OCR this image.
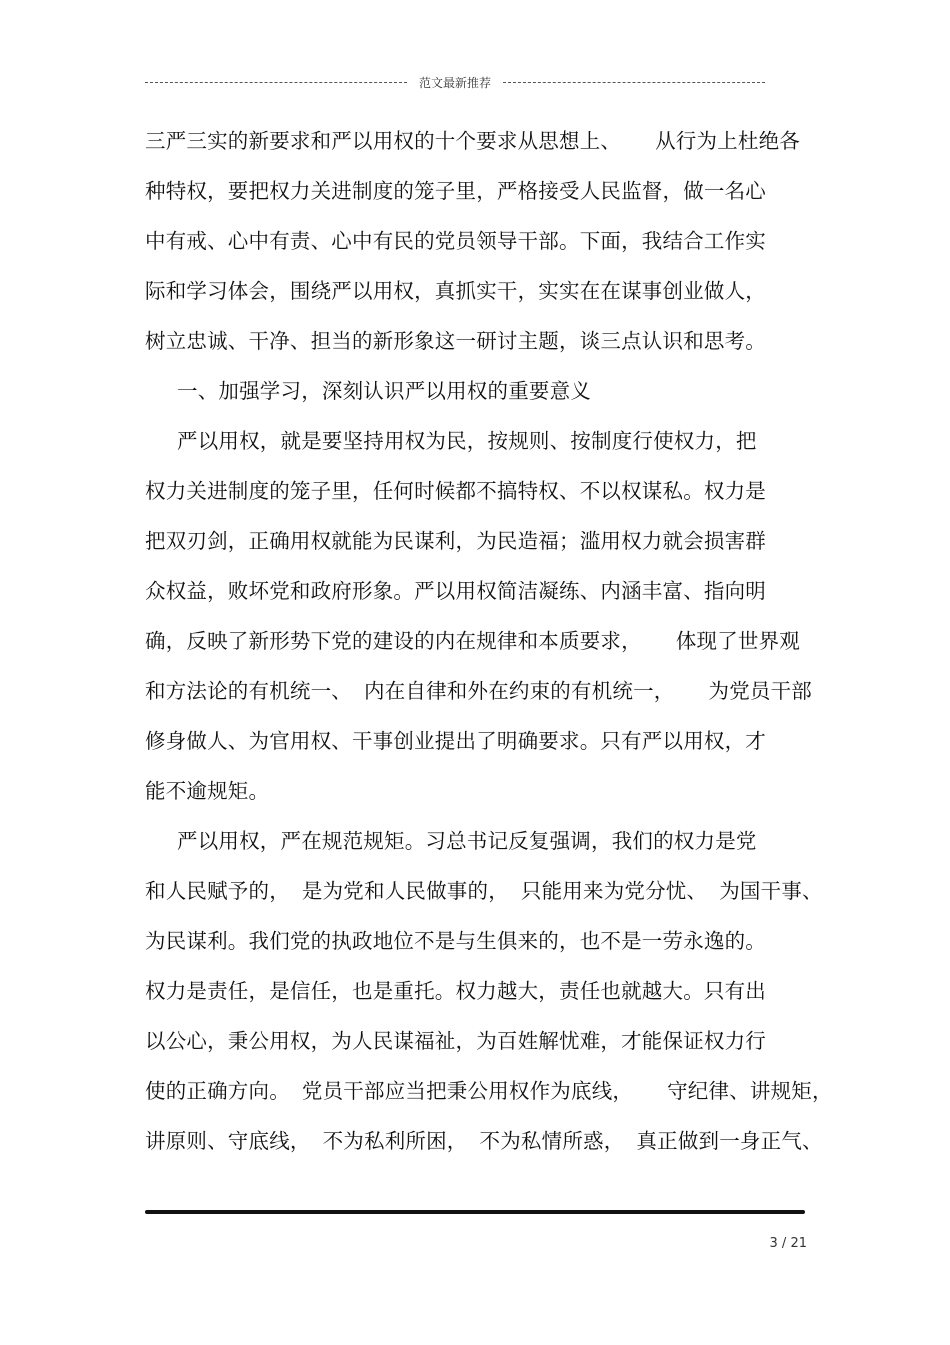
范文最新推荐
三严三实的新要求和严以用权的十个要求从思想上、 从行为上杜绝各
种特权，要把权力关进制度的笼子里，严格接受人民监督，做一名心
中有戒、心中有责、心中有民的党员领导干部。下面，我结合工作实
际和学习体会，围绕严以用权，真抓实干，实实在在谋事创业做人，
树立忠诚、干净、担当的新形象这一研讨主题，谈三点认识和思考。
一、加强学习，深刻认识严以用权的重要意义
严以用权，就是要坚持用权为民，按规则、按制度行使权力，把
权力关进制度的笼子里，任何时候都不搞特权、不以权谋私。权力是
把双刃剑，正确用权就能为民谋利，为民造福；滥用权力就会损害群
众权益，败坏党和政府形象。严以用权简洁凝练、内涵丰富、指向明
确，反映了新形势下党的建设的内在规律和本质要求， 体现了世界观
和方法论的有机统一、 内在自律和外在约束的有机统一， 为党员干部
修身做人、为官用权、干事创业提出了明确要求。只有严以用权，才
能不逾规矩。
严以用权，严在规范规矩。习总书记反复强调，我们的权力是党
和人民赋予的， 是为党和人民做事的， 只能用来为党分忧、 为国干事、
为民谋利。我们党的执政地位不是与生俱来的，也不是一劳永逸的。
权力是责任，是信任，也是重托。权力越大，责任也就越大。只有出
以公心，秉公用权，为人民谋福祉，为百姓解忧难，才能保证权力行
使的正确方向。 党员干部应当把秉公用权作为底线， 守纪律、讲规矩，
讲原则、守底线， 不为私利所困， 不为私情所惑， 真正做到一身正气、
3 / 21
